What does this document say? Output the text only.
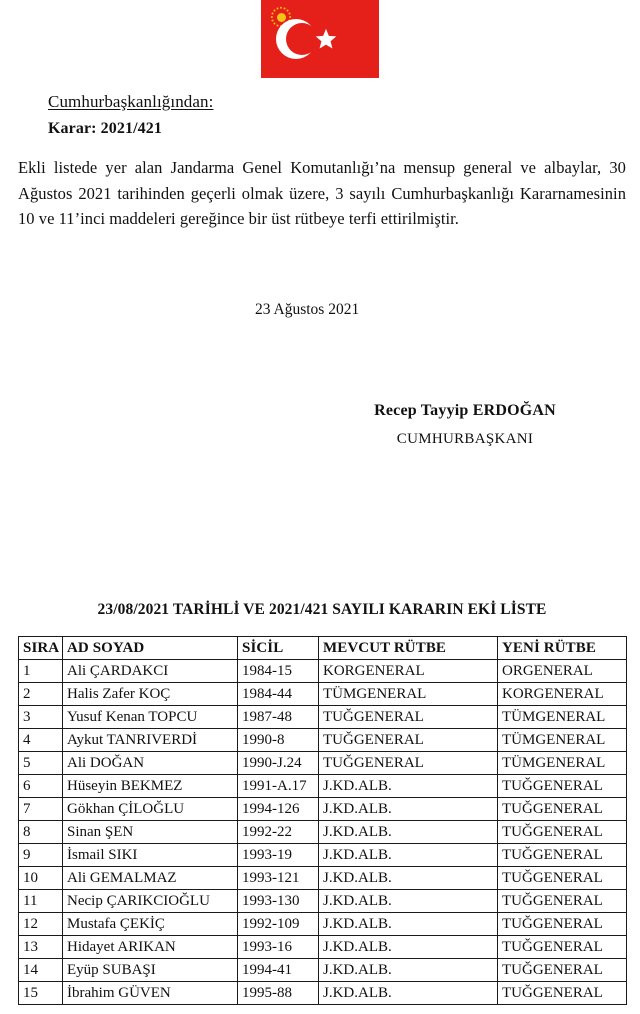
Cumhurbaşkanlığından:
Karar: 2021/421
Ekli listede yer alan Jandarma Genel Komutanlığı’na mensup general ve albaylar, 30 Ağustos 2021 tarihinden geçerli olmak üzere, 3 sayılı Cumhurbaşkanlığı Kararnamesinin 10 ve 11’inci maddeleri gereğince bir üst rütbeye terfi ettirilmiştir.
23 Ağustos 2021
Recep Tayyip ERDOĞAN
CUMHURBAŞKANI
23/08/2021 TARİHLİ VE 2021/421 SAYILI KARARIN EKİ LİSTE
SIRA	AD SOYAD	SİCİL	MEVCUT RÜTBE	YENİ RÜTBE
1	Ali ÇARDAKCI	1984-15	KORGENERAL	ORGENERAL
2	Halis Zafer KOÇ	1984-44	TÜMGENERAL	KORGENERAL
3	Yusuf Kenan TOPCU	1987-48	TUĞGENERAL	TÜMGENERAL
4	Aykut TANRIVERDİ	1990-8	TUĞGENERAL	TÜMGENERAL
5	Ali DOĞAN	1990-J.24	TUĞGENERAL	TÜMGENERAL
6	Hüseyin BEKMEZ	1991-A.17	J.KD.ALB.	TUĞGENERAL
7	Gökhan ÇİLOĞLU	1994-126	J.KD.ALB.	TUĞGENERAL
8	Sinan ŞEN	1992-22	J.KD.ALB.	TUĞGENERAL
9	İsmail SIKI	1993-19	J.KD.ALB.	TUĞGENERAL
10	Ali GEMALMAZ	1993-121	J.KD.ALB.	TUĞGENERAL
11	Necip ÇARIKCIOĞLU	1993-130	J.KD.ALB.	TUĞGENERAL
12	Mustafa ÇEKİÇ	1992-109	J.KD.ALB.	TUĞGENERAL
13	Hidayet ARIKAN	1993-16	J.KD.ALB.	TUĞGENERAL
14	Eyüp SUBAŞI	1994-41	J.KD.ALB.	TUĞGENERAL
15	İbrahim GÜVEN	1995-88	J.KD.ALB.	TUĞGENERAL
